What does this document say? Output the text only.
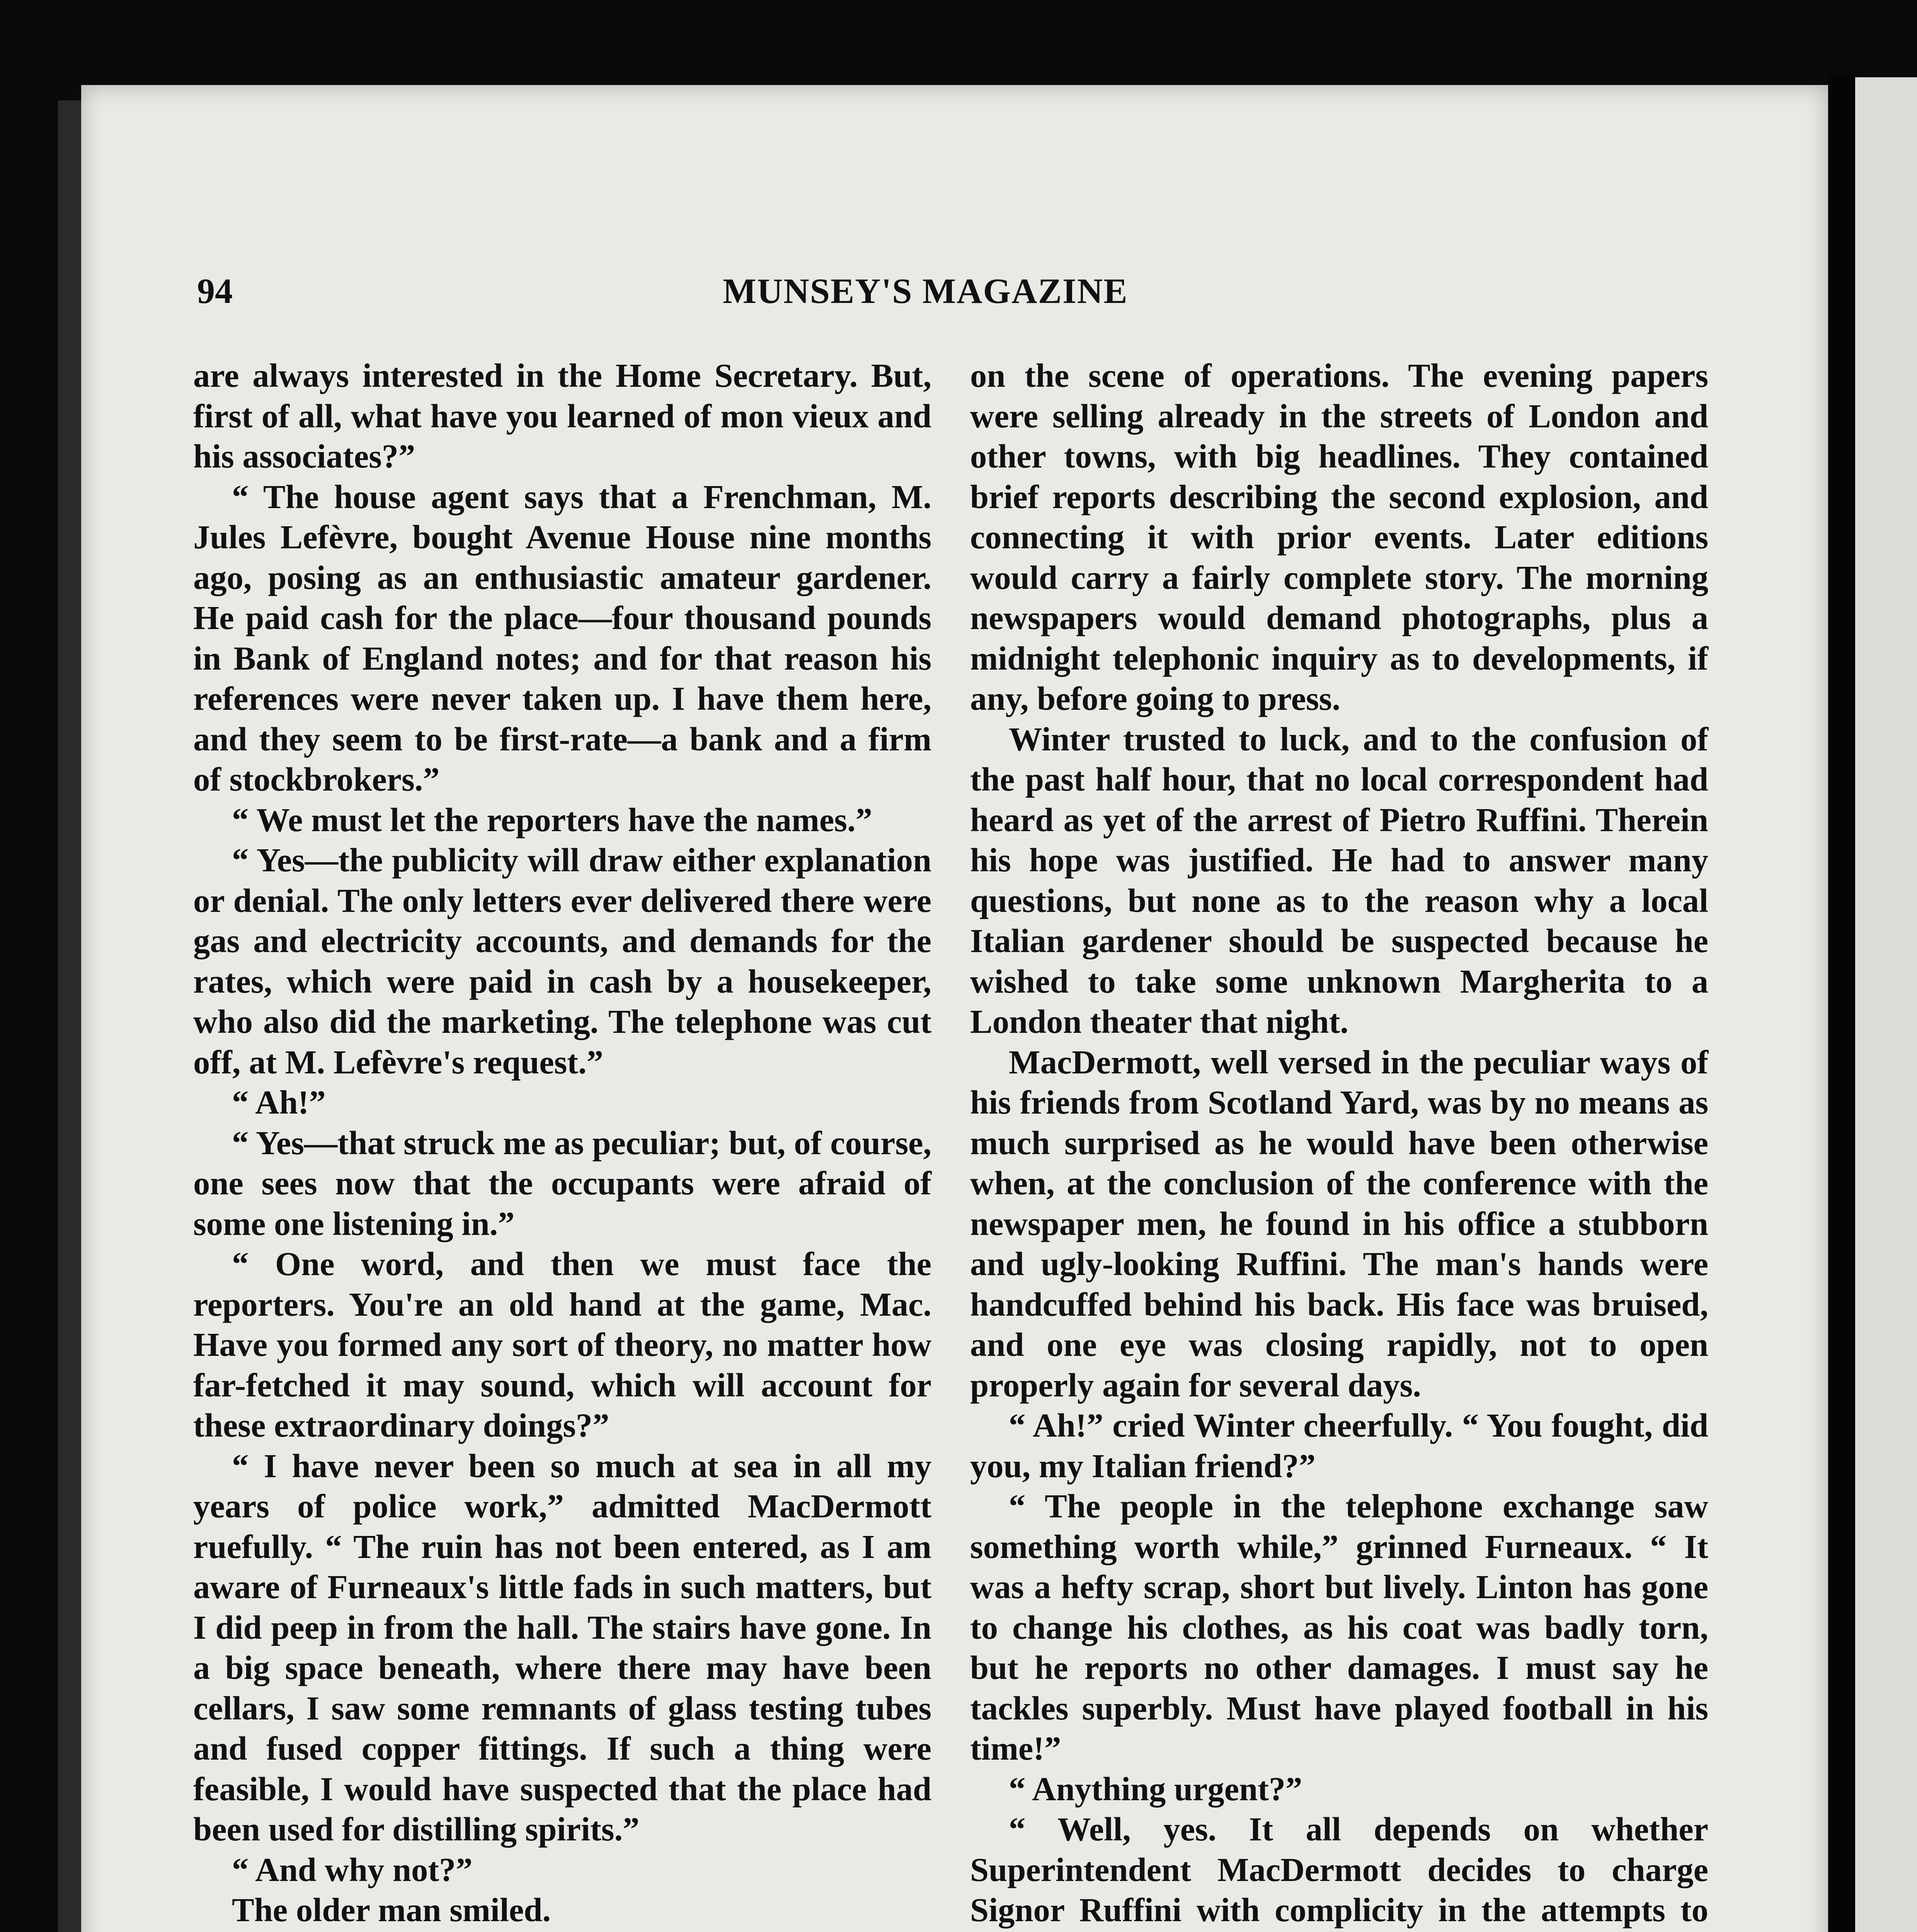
94	MUNSEY'S MAGAZINE

are always interested in the Home Secretary. But, first of all, what have you learned of mon vieux and his associates?”

“ The house agent says that a Frenchman, M. Jules Lefèvre, bought Avenue House nine months ago, posing as an enthusiastic amateur gardener. He paid cash for the place—four thousand pounds in Bank of England notes; and for that reason his references were never taken up. I have them here, and they seem to be first-rate—a bank and a firm of stockbrokers.”

“ We must let the reporters have the names.”

“ Yes—the publicity will draw either explanation or denial. The only letters ever delivered there were gas and electricity accounts, and demands for the rates, which were paid in cash by a housekeeper, who also did the marketing. The telephone was cut off, at M. Lefèvre's request.”

“ Ah!”

“ Yes—that struck me as peculiar; but, of course, one sees now that the occupants were afraid of some one listening in.”

“ One word, and then we must face the reporters. You're an old hand at the game, Mac. Have you formed any sort of theory, no matter how far-fetched it may sound, which will account for these extraordinary doings?”

“ I have never been so much at sea in all my years of police work,” admitted MacDermott ruefully. “ The ruin has not been entered, as I am aware of Furneaux's little fads in such matters, but I did peep in from the hall. The stairs have gone. In a big space beneath, where there may have been cellars, I saw some remnants of glass testing tubes and fused copper fittings. If such a thing were feasible, I would have suspected that the place had been used for distilling spirits.”

“ And why not?”

The older man smiled.

on the scene of operations. The evening papers were selling already in the streets of London and other towns, with big headlines. They contained brief reports describing the second explosion, and connecting it with prior events. Later editions would carry a fairly complete story. The morning newspapers would demand photographs, plus a midnight telephonic inquiry as to developments, if any, before going to press.

Winter trusted to luck, and to the confusion of the past half hour, that no local correspondent had heard as yet of the arrest of Pietro Ruffini. Therein his hope was justified. He had to answer many questions, but none as to the reason why a local Italian gardener should be suspected because he wished to take some unknown Margherita to a London theater that night.

MacDermott, well versed in the peculiar ways of his friends from Scotland Yard, was by no means as much surprised as he would have been otherwise when, at the conclusion of the conference with the newspaper men, he found in his office a stubborn and ugly-looking Ruffini. The man's hands were handcuffed behind his back. His face was bruised, and one eye was closing rapidly, not to open properly again for several days.

“ Ah!” cried Winter cheerfully. “ You fought, did you, my Italian friend?”

“ The people in the telephone exchange saw something worth while,” grinned Furneaux. “ It was a hefty scrap, short but lively. Linton has gone to change his clothes, as his coat was badly torn, but he reports no other damages. I must say he tackles superbly. Must have played football in his time!”

“ Anything urgent?”

“ Well, yes. It all depends on whether Superintendent MacDermott decides to charge Signor Ruffini with complicity in the attempts to
